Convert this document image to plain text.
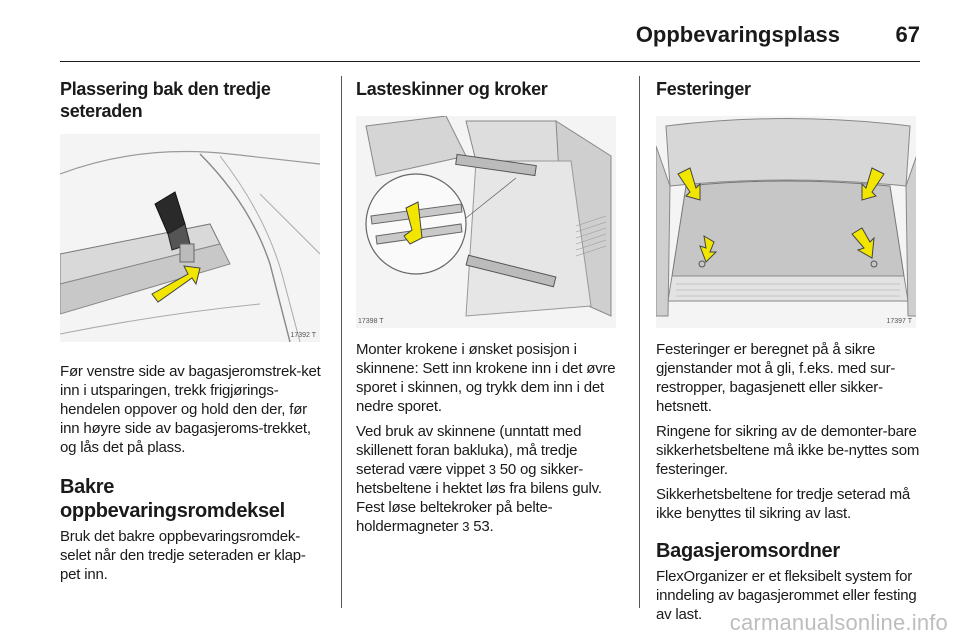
Oppbevaringsplass	67
Plassering bak den tredje seteraden
17392 T
Før venstre side av bagasjeromstrek-ket inn i utsparingen, trekk frigjørings-hendelen oppover og hold den der, før inn høyre side av bagasjeroms-trekket, og lås det på plass.
Bakre oppbevaringsromdeksel
Bruk det bakre oppbevaringsromdek-selet når den tredje seteraden er klap-pet inn.
Lasteskinner og kroker
17398 T
Monter krokene i ønsket posisjon i skinnene: Sett inn krokene inn i det øvre sporet i skinnen, og trykk dem inn i det nedre sporet.
Ved bruk av skinnene (unntatt med skillenett foran bakluka), må tredje seterad være vippet 3 50 og sikker-hetsbeltene i hektet løs fra bilens gulv. Fest løse beltekroker på belte-holdermagneter 3 53.
Festeringer
17397 T
Festeringer er beregnet på å sikre gjenstander mot å gli, f.eks. med sur-restropper, bagasjenett eller sikker-hetsnett.
Ringene for sikring av de demonter-bare sikkerhetsbeltene må ikke be-nyttes som festeringer.
Sikkerhetsbeltene for tredje seterad må ikke benyttes til sikring av last.
Bagasjeromsordner
FlexOrganizer er et fleksibelt system for inndeling av bagasjerommet eller festing av last.	carmanualsonline.info
